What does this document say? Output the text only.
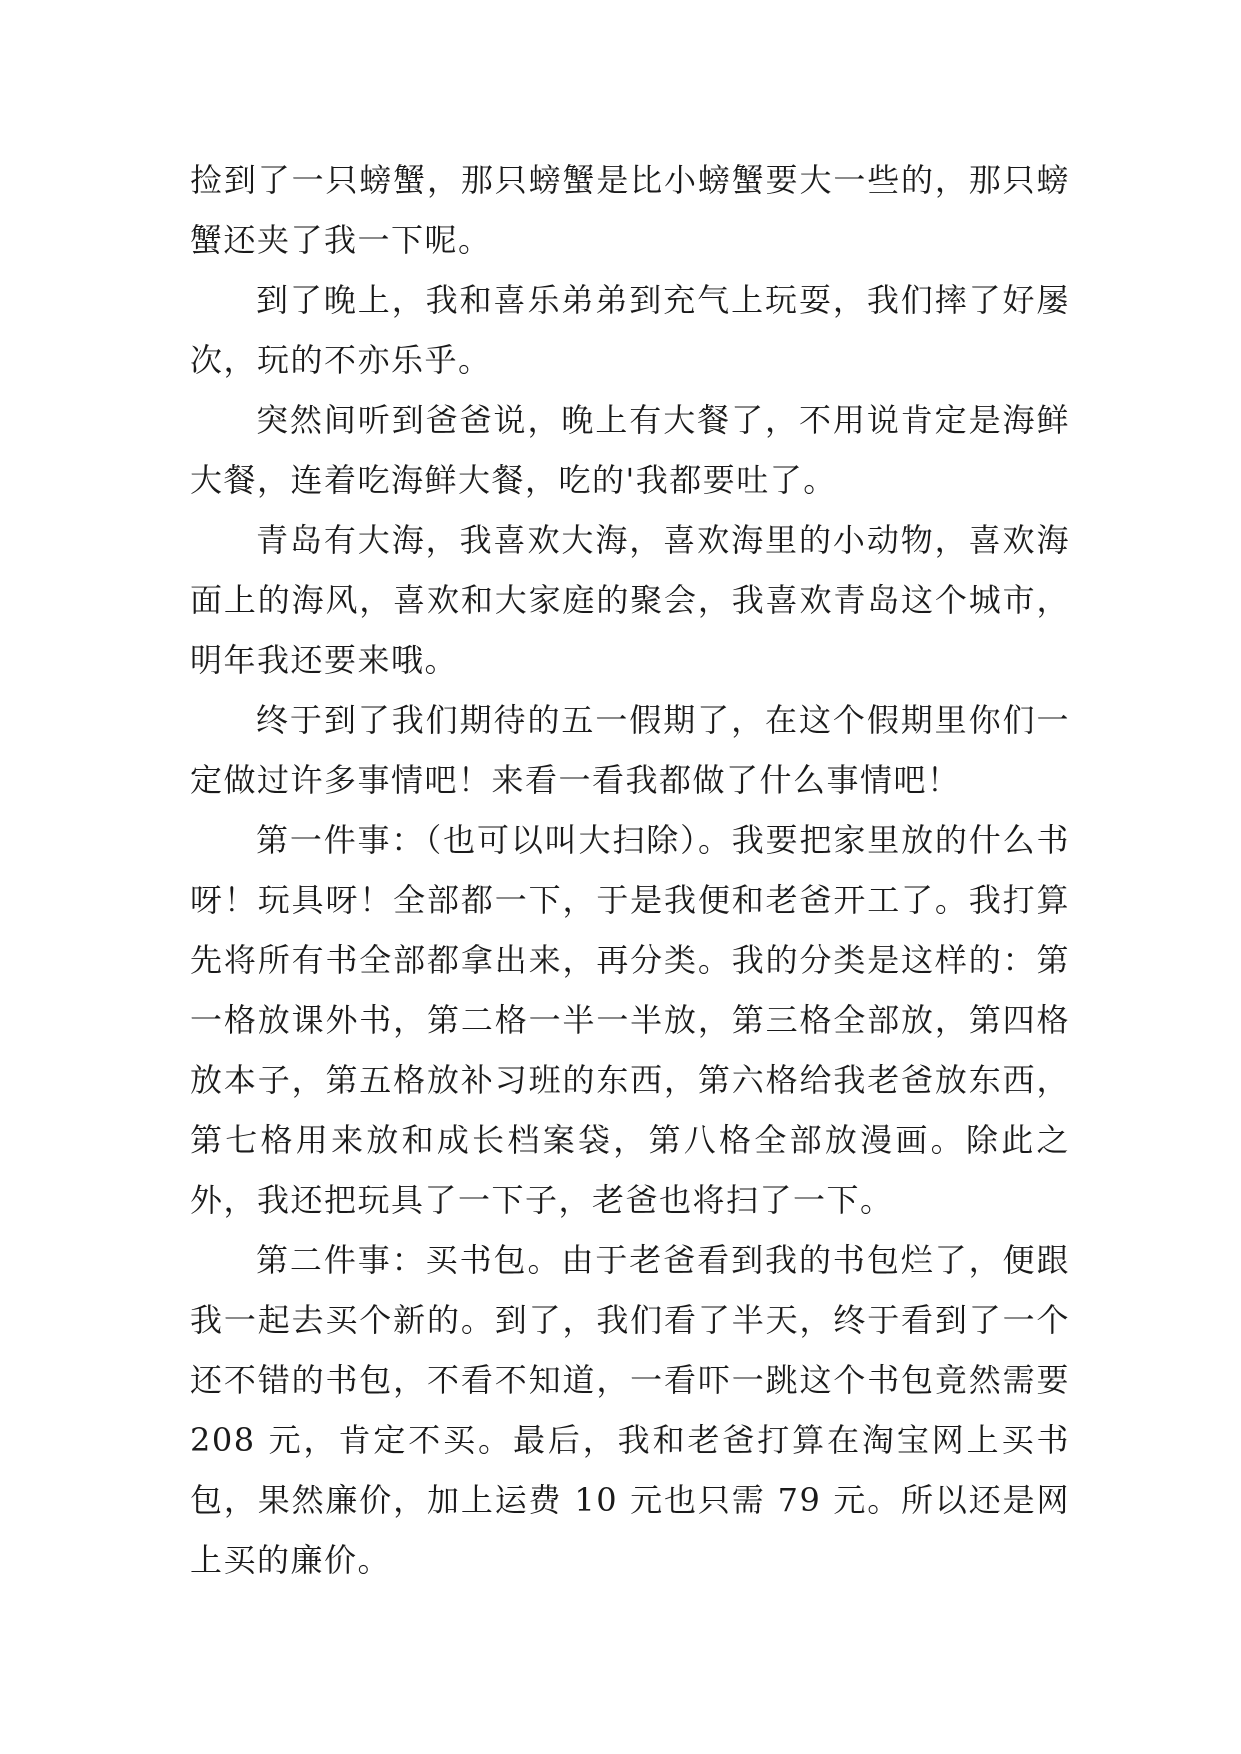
捡到了一只螃蟹，那只螃蟹是比小螃蟹要大一些的，那只螃蟹还夹了我一下呢。

到了晚上，我和喜乐弟弟到充气上玩耍，我们摔了好屡次，玩的不亦乐乎。

突然间听到爸爸说，晚上有大餐了，不用说肯定是海鲜大餐，连着吃海鲜大餐，吃的'我都要吐了。

青岛有大海，我喜欢大海，喜欢海里的小动物，喜欢海面上的海风，喜欢和大家庭的聚会，我喜欢青岛这个城市，明年我还要来哦。

终于到了我们期待的五一假期了，在这个假期里你们一定做过许多事情吧！来看一看我都做了什么事情吧！

第一件事：（也可以叫大扫除）。我要把家里放的什么书呀！玩具呀！全部都一下，于是我便和老爸开工了。我打算先将所有书全部都拿出来，再分类。我的分类是这样的：第一格放课外书，第二格一半一半放，第三格全部放，第四格放本子，第五格放补习班的东西，第六格给我老爸放东西，第七格用来放和成长档案袋，第八格全部放漫画。除此之外，我还把玩具了一下子，老爸也将扫了一下。

第二件事：买书包。由于老爸看到我的书包烂了，便跟我一起去买个新的。到了，我们看了半天，终于看到了一个还不错的书包，不看不知道，一看吓一跳这个书包竟然需要 208 元，肯定不买。最后，我和老爸打算在淘宝网上买书包，果然廉价，加上运费 10 元也只需 79 元。所以还是网上买的廉价。
